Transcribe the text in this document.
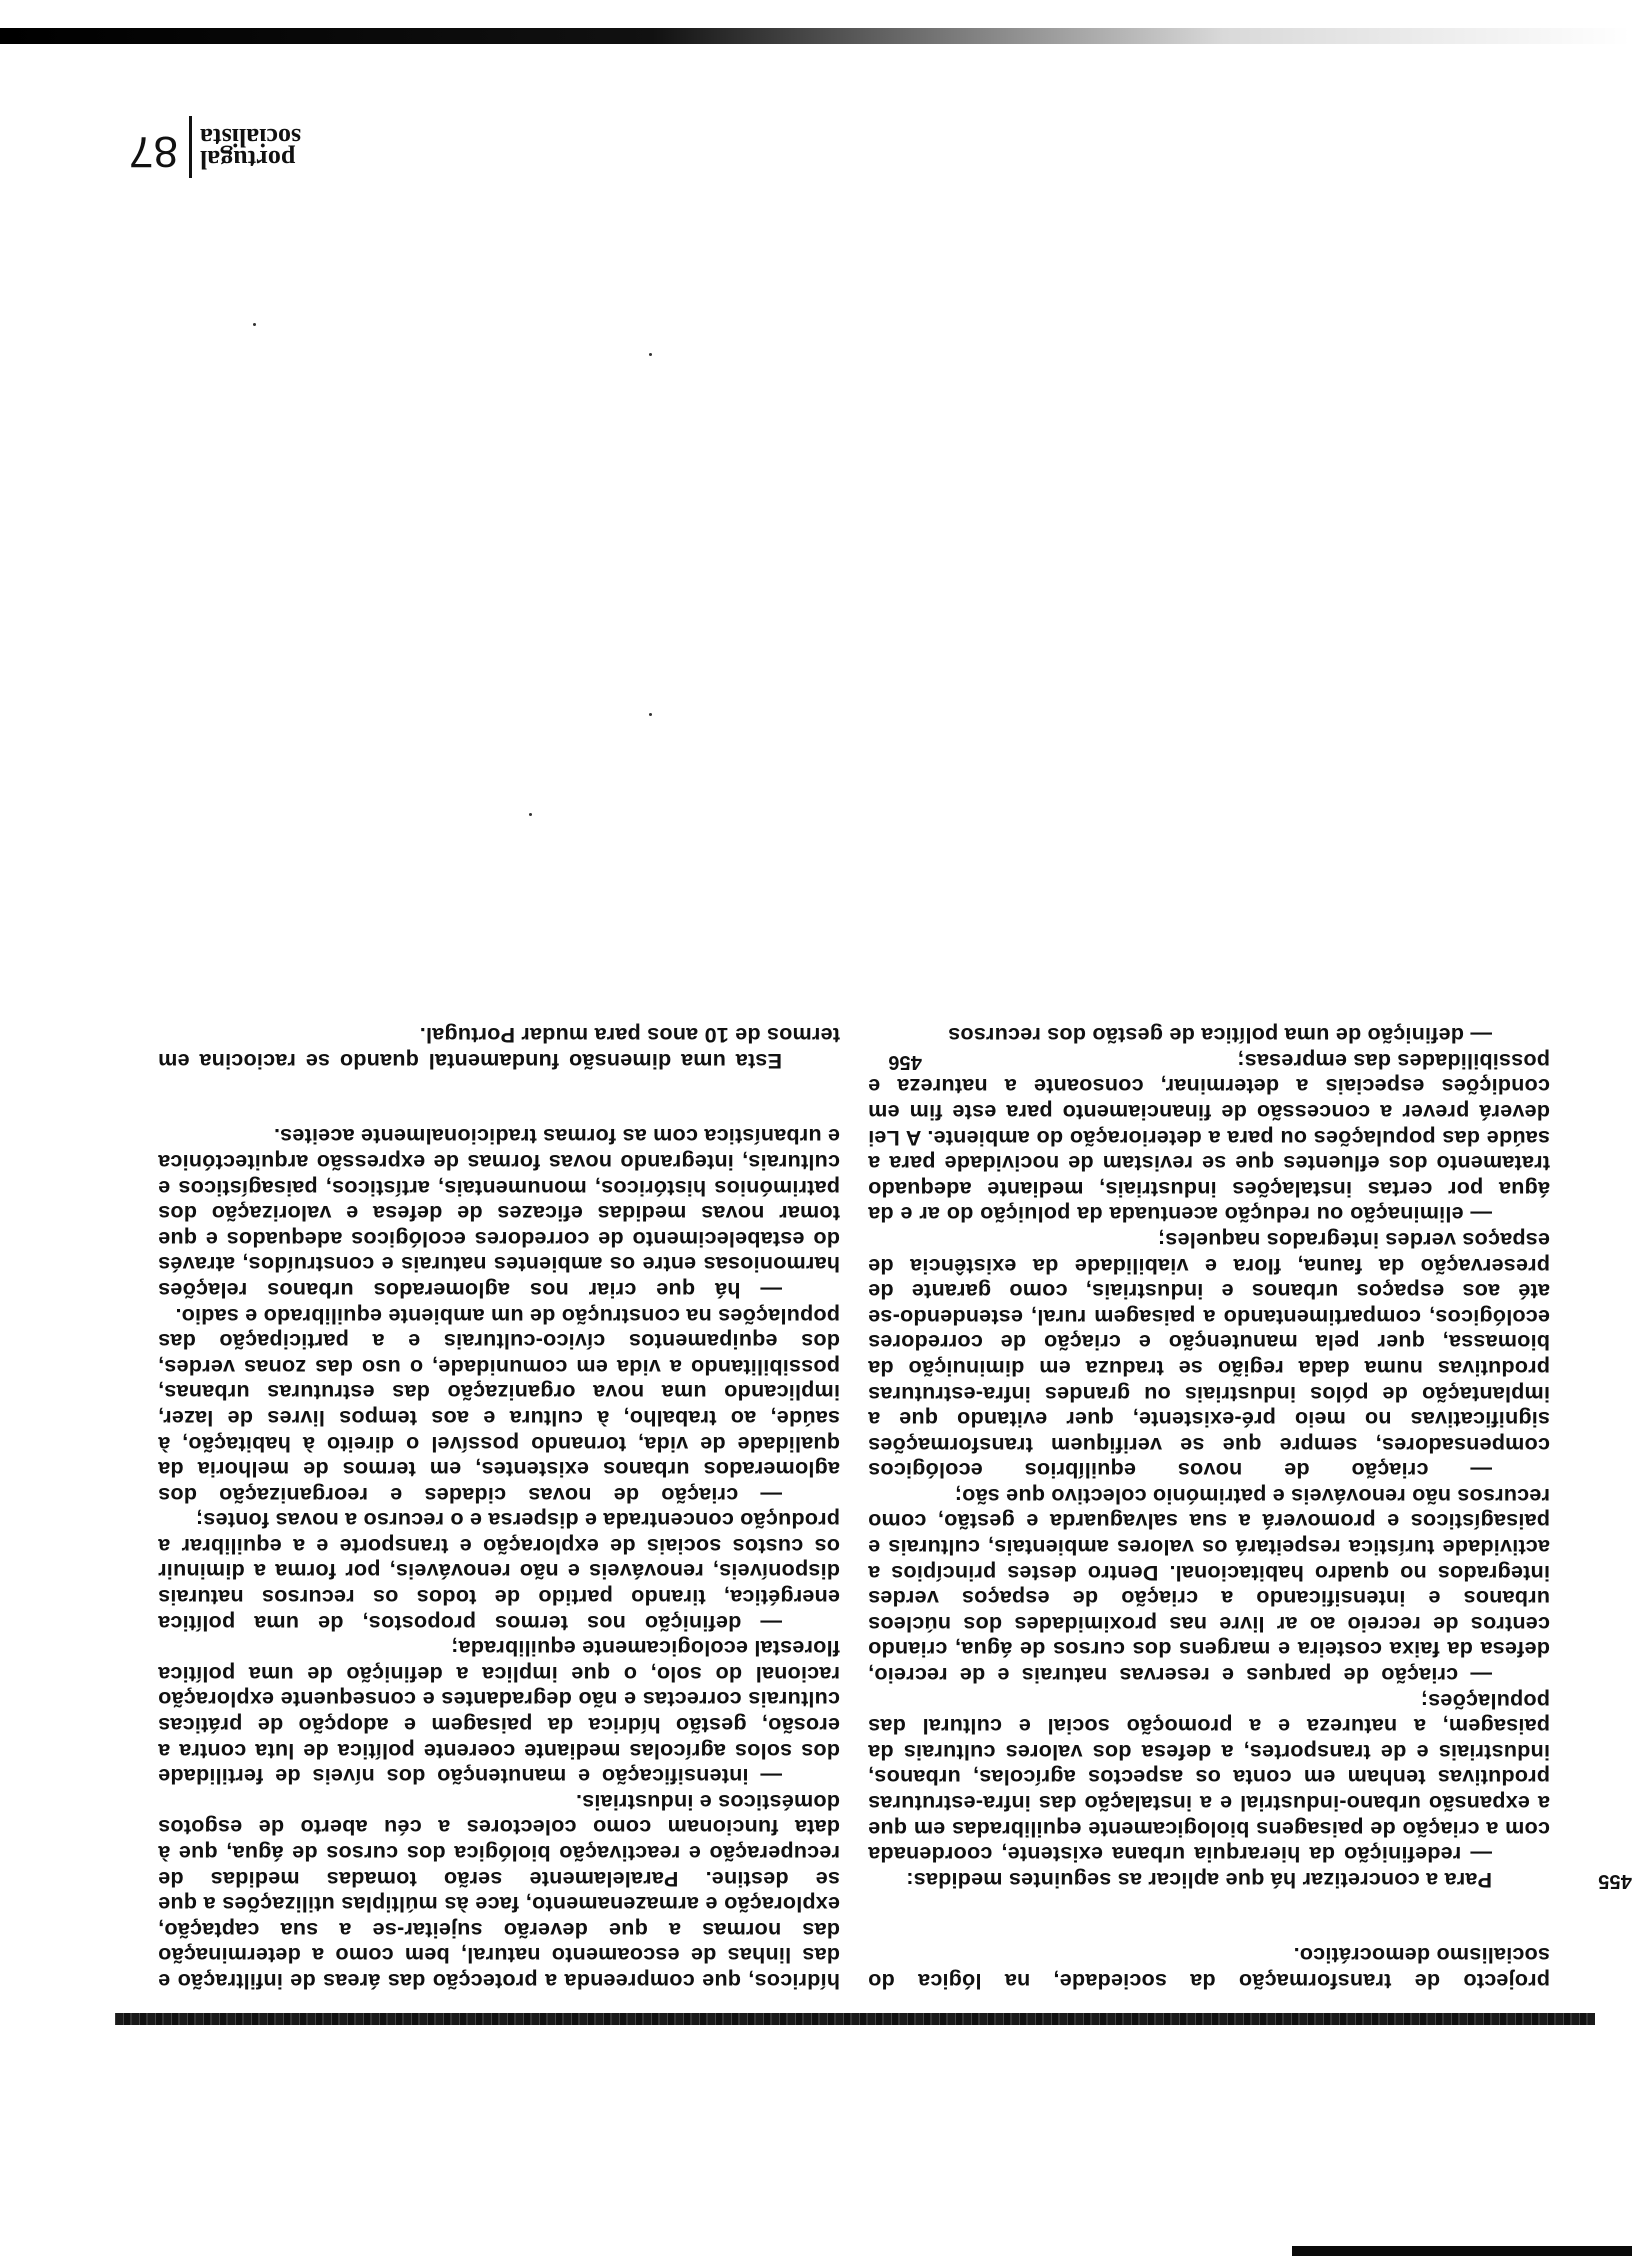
projecto de transformação da sociedade, na lógica do socialismo democrático.

455

Para a concretizar há que aplicar as seguintes medidas:

— redefinição da hierarquia urbana existente, coordenada com a criação de paisagens biologicamente equilibradas em que a expansão urbano-industrial e a instalação das infra-estruturas produtivas tenham em conta os aspectos agrícolas, urbanos, industriais e de transportes, a defesa dos valores culturais da paisagem, a natureza e a promoção social e cultural das populações;

— criação de parques e reservas naturais e de recreio, defesa da faixa costeira e margens dos cursos de água, criando centros de recreio ao ar livre nas proximidades dos núcleos urbanos e intensificando a criação de espaços verdes integrados no quadro habitacional. Dentro destes princípios a actividade turística respeitará os valores ambientais, culturais e paisagísticos e promoverá a sua salvaguarda e gestão, como recursos não renováveis e património colectivo que são;

— criação de novos equilíbrios ecológicos compensadores, sempre que se verifiquem transformações significativas no meio pré-existente, quer evitando que a implantação de pólos industriais ou grandes infra-estruturas produtivas numa dada região se traduza em diminuição da biomassa, quer pela manutenção e criação de corredores ecológicos, compartimentando a paisagem rural, estendendo-se até aos espaços urbanos e industriais, como garante de preservação da fauna, flora e viabilidade da existência de espaços verdes integrados naqueles;

— eliminação ou redução acentuada da poluição do ar e da água por certas instalações industriais, mediante adequado tratamento dos efluentes que se revistam de nocividade para a saúde das populações ou para a deterioração do ambiente. A Lei deverá prever a concessão de financiamento para este fim em condições especiais a determinar, consoante a natureza e possibilidades das empresas;

— definição de uma política de gestão dos recursos

hídricos, que compreenda a protecção das áreas de infiltração e das linhas de escoamento natural, bem como a determinação das normas a que deverão sujeitar-se a sua captação, exploração e armazenamento, face às múltiplas utilizações a que se destine. Paralelamente serão tomadas medidas de recuperação e reactivação biológica dos cursos de água, que à data funcionam como colectores a céu aberto de esgotos domésticos e industriais.

— intensificação e manutenção dos níveis de fertilidade dos solos agrícolas mediante coerente política de luta contra a erosão, gestão hídrica da paisagem e adopção de práticas culturais correctas e não degradantes e consequente exploração racional do solo, o que implica a definição de uma política florestal ecologicamente equilibrada;

— definição nos termos propostos, de uma política energética, tirando partido de todos os recursos naturais disponíveis, renováveis e não renováveis, por forma a diminuir os custos sociais de exploração e transporte e a equilibrar a produção concentrada e dispersa e o recurso a novas fontes;

— criação de novas cidades e reorganização dos aglomerados urbanos existentes, em termos de melhoria da qualidade de vida, tornando possível o direito à habitação, à saúde, ao trabalho, à cultura e aos tempos livres de lazer, implicando uma nova organização das estruturas urbanas, possibilitando a vida em comunidade, o uso das zonas verdes, dos equipamentos cívico-culturais e a participação das populações na construção de um ambiente equilibrado e sadio.

— há que criar nos aglomerados urbanos relações harmoniosas entre os ambientes naturais e construídos, através do estabelecimento de corredores ecológicos adequados e que tomar novas medidas eficazes de defesa e valorização dos patrimónios históricos, monumentais, artísticos, paisagísticos e culturais, integrando novas formas de expressão arquitectónica e urbanística com as formas tradicionalmente aceites.

456

Esta uma dimensão fundamental quando se raciocina em termos de 10 anos para mudar Portugal.

portugal
socialista
87
